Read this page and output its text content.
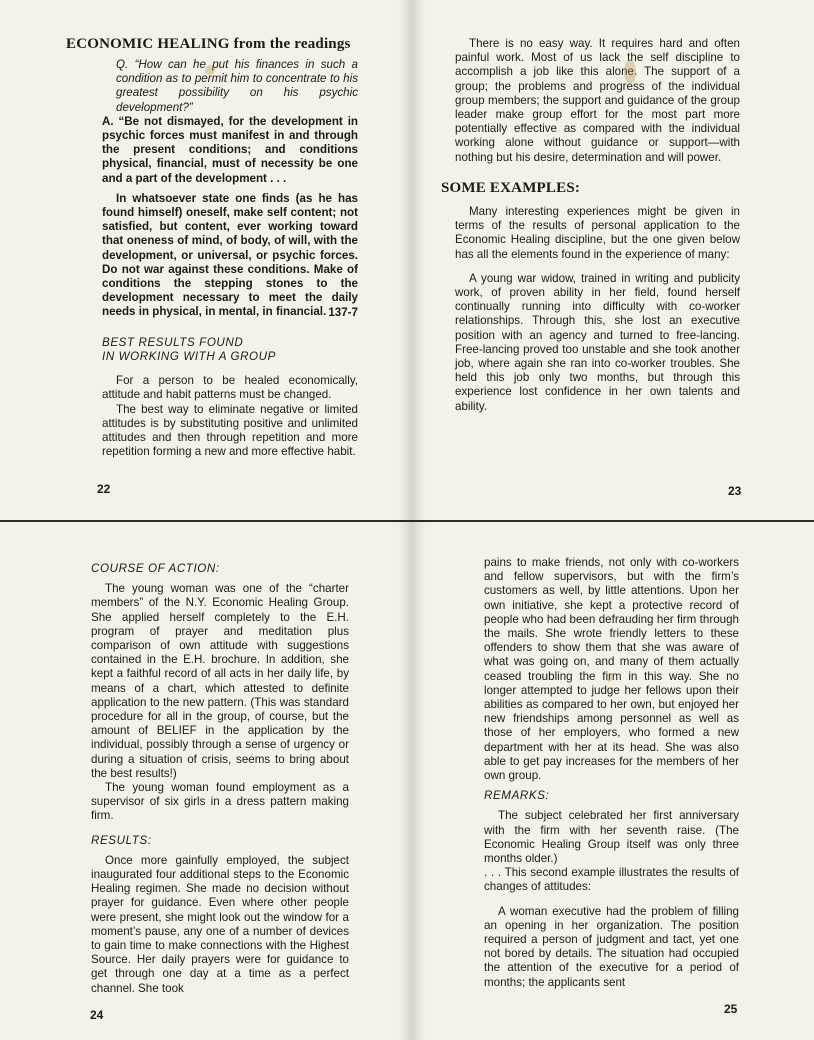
ECONOMIC HEALING from the readings

Q. “How can he put his finances in such a condition as to permit him to concentrate to his greatest possibility on his psychic development?”

A. “Be not dismayed, for the development in psychic forces must manifest in and through the present conditions; and conditions physical, financial, must of necessity be one and a part of the development . . .

In whatsoever state one finds (as he has found himself) oneself, make self content; not satisfied, but content, ever working toward that oneness of mind, of body, of will, with the development, or universal, or psychic forces. Do not war against these conditions. Make of conditions the stepping stones to the development necessary to meet the daily needs in physical, in mental, in financial. 137-7
BEST RESULTS FOUND
IN WORKING WITH A GROUP

For a person to be healed economically, attitude and habit patterns must be changed.

The best way to eliminate negative or limited attitudes is by substituting positive and unlimited attitudes and then through repetition and more repetition forming a new and more effective habit.

22

There is no easy way. It requires hard and often painful work. Most of us lack the self discipline to accomplish a job like this alone. The support of a group; the problems and progress of the individual group members; the support and guidance of the group leader make group effort for the most part more potentially effective as compared with the individual working alone without guidance or support—with nothing but his desire, determination and will power.

SOME EXAMPLES:

Many interesting experiences might be given in terms of the results of personal application to the Economic Healing discipline, but the one given below has all the elements found in the experience of many:

A young war widow, trained in writing and publicity work, of proven ability in her field, found herself continually running into difficulty with co-worker relationships. Through this, she lost an executive position with an agency and turned to free-lancing. Free-lancing proved too unstable and she took another job, where again she ran into co-worker troubles. She held this job only two months, but through this experience lost confidence in her own talents and ability.

23
COURSE OF ACTION:

The young woman was one of the “charter members” of the N.Y. Economic Healing Group. She applied herself completely to the E.H. program of prayer and meditation plus comparison of own attitude with suggestions contained in the E.H. brochure. In addition, she kept a faithful record of all acts in her daily life, by means of a chart, which attested to definite application to the new pattern. (This was standard procedure for all in the group, of course, but the amount of BELIEF in the application by the individual, possibly through a sense of urgency or during a situation of crisis, seems to bring about the best results!)

The young woman found employment as a supervisor of six girls in a dress pattern making firm.

RESULTS:

Once more gainfully employed, the subject inaugurated four additional steps to the Economic Healing regimen. She made no decision without prayer for guidance. Even where other people were present, she might look out the window for a moment’s pause, any one of a number of devices to gain time to make connections with the Highest Source. Her daily prayers were for guidance to get through one day at a time as a perfect channel. She took

24

pains to make friends, not only with co-workers and fellow supervisors, but with the firm’s customers as well, by little attentions. Upon her own initiative, she kept a protective record of people who had been defrauding her firm through the mails. She wrote friendly letters to these offenders to show them that she was aware of what was going on, and many of them actually ceased troubling the firm in this way. She no longer attempted to judge her fellows upon their abilities as compared to her own, but enjoyed her new friendships among personnel as well as those of her employers, who formed a new department with her at its head. She was also able to get pay increases for the members of her own group.

REMARKS:

The subject celebrated her first anniversary with the firm with her seventh raise. (The Economic Healing Group itself was only three months older.)

. . . This second example illustrates the results of changes of attitudes:

A woman executive had the problem of filling an opening in her organization. The position required a person of judgment and tact, yet one not bored by details. The situation had occupied the attention of the executive for a period of months; the applicants sent

25
